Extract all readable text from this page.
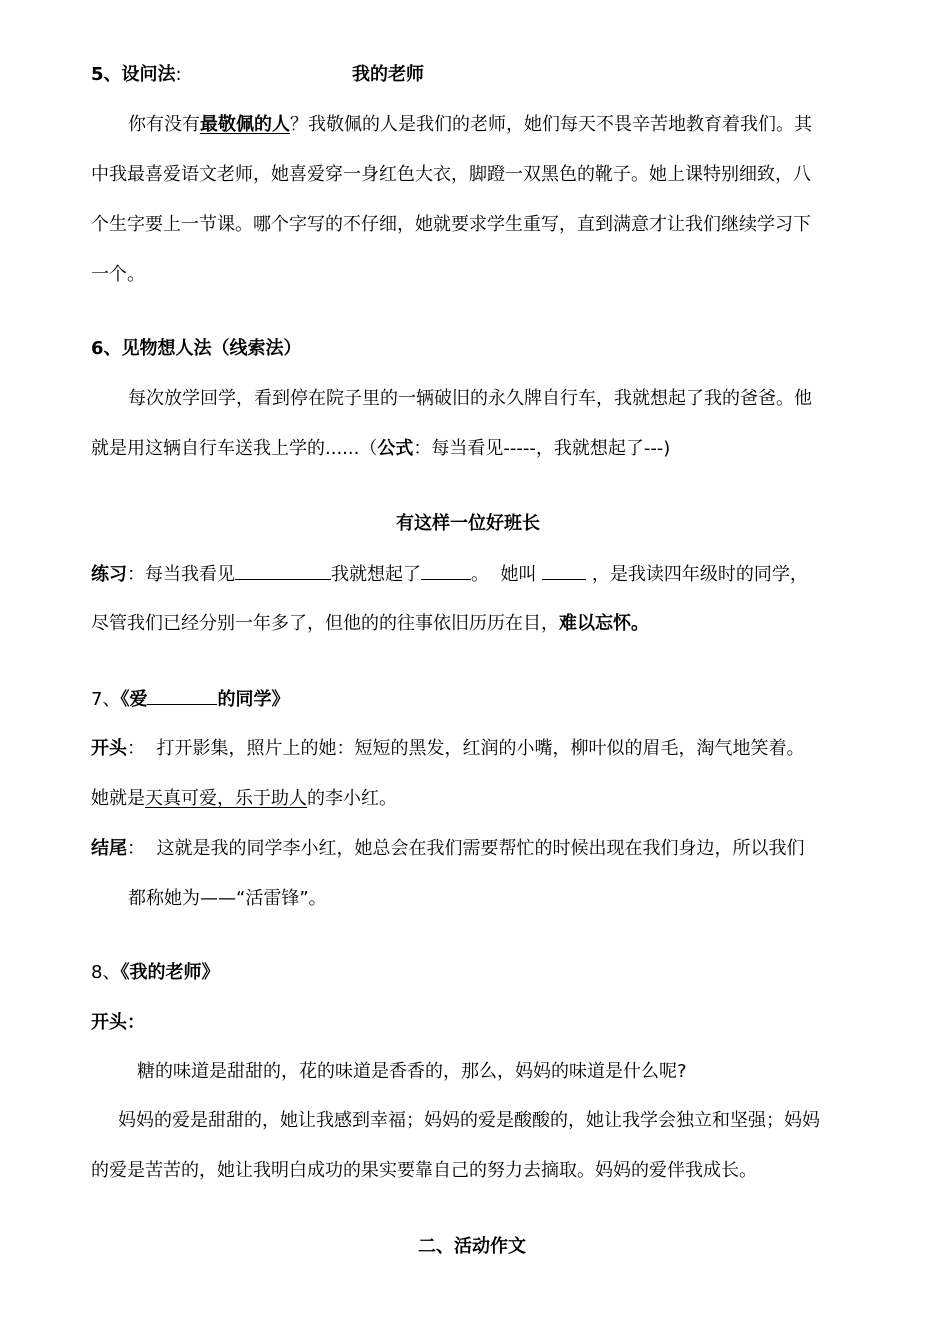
5、设问法:	我的老师
你有没有最敬佩的人？我敬佩的人是我们的老师，她们每天不畏辛苦地教育着我们。其
中我最喜爱语文老师，她喜爱穿一身红色大衣，脚蹬一双黑色的靴子。她上课特别细致，八
个生字要上一节课。哪个字写的不仔细，她就要求学生重写，直到满意才让我们继续学习下
一个。
6、见物想人法（线索法）
每次放学回学，看到停在院子里的一辆破旧的永久牌自行车，我就想起了我的爸爸。他
就是用这辆自行车送我上学的......（公式：每当看见-----，我就想起了---)
有这样一位好班长
练习：每当我看见	我就想起了	。  她叫  ，是我读四年级时的同学，
尽管我们已经分别一年多了，但他的的往事依旧历历在目，难以忘怀。
7、《爱	的同学》
开头：  打开影集，照片上的她：短短的黑发，红润的小嘴，柳叶似的眉毛，淘气地笑着。
她就是天真可爱，乐于助人的李小红。
结尾：  这就是我的同学李小红，她总会在我们需要帮忙的时候出现在我们身边，所以我们
都称她为——“活雷锋”。
8、《我的老师》
开头：
糖的味道是甜甜的，花的味道是香香的，那么，妈妈的味道是什么呢?
妈妈的爱是甜甜的，她让我感到幸福；妈妈的爱是酸酸的，她让我学会独立和坚强；妈妈
的爱是苦苦的，她让我明白成功的果实要靠自己的努力去摘取。妈妈的爱伴我成长。
二、活动作文
